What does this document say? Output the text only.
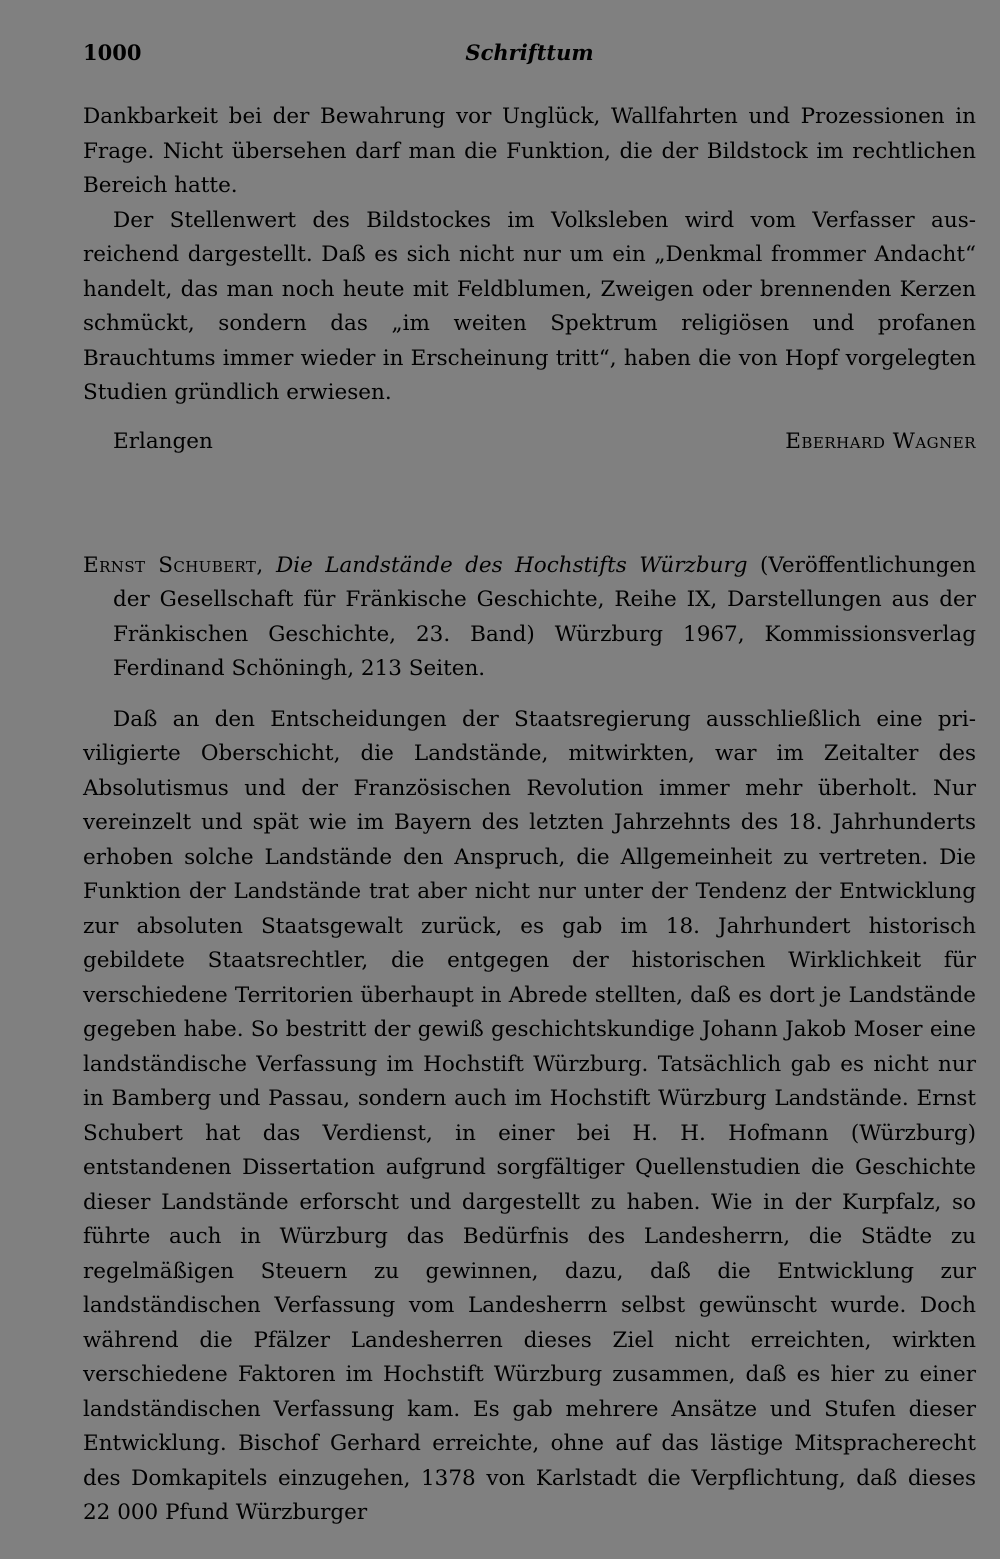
1000	Schrifttum

Dankbarkeit bei der Bewahrung vor Unglück, Wallfahrten und Prozessionen in Frage. Nicht übersehen darf man die Funktion, die der Bildstock im rechtlichen Bereich hatte.

Der Stellenwert des Bildstockes im Volksleben wird vom Verfasser ausreichend dargestellt. Daß es sich nicht nur um ein „Denkmal frommer Andacht“ handelt, das man noch heute mit Feldblumen, Zweigen oder brennenden Kerzen schmückt, sondern das „im weiten Spektrum religiösen und profanen Brauchtums immer wieder in Erscheinung tritt“, haben die von Hopf vorgelegten Studien gründlich erwiesen.

Erlangen	Eberhard Wagner

Ernst Schubert, Die Landstände des Hochstifts Würzburg (Veröffentlichungen der Gesellschaft für Fränkische Geschichte, Reihe IX, Darstellungen aus der Fränkischen Geschichte, 23. Band) Würzburg 1967, Kommissionsverlag Ferdinand Schöningh, 213 Seiten.

Daß an den Entscheidungen der Staatsregierung ausschließlich eine priviligierte Oberschicht, die Landstände, mitwirkten, war im Zeitalter des Absolutismus und der Französischen Revolution immer mehr überholt. Nur vereinzelt und spät wie im Bayern des letzten Jahrzehnts des 18. Jahrhunderts erhoben solche Landstände den Anspruch, die Allgemeinheit zu vertreten. Die Funktion der Landstände trat aber nicht nur unter der Tendenz der Entwicklung zur absoluten Staatsgewalt zurück, es gab im 18. Jahrhundert historisch gebildete Staatsrechtler, die entgegen der historischen Wirklichkeit für verschiedene Territorien überhaupt in Abrede stellten, daß es dort je Landstände gegeben habe. So bestritt der gewiß geschichtskundige Johann Jakob Moser eine landständische Verfassung im Hochstift Würzburg. Tatsächlich gab es nicht nur in Bamberg und Passau, sondern auch im Hochstift Würzburg Landstände. Ernst Schubert hat das Verdienst, in einer bei H. H. Hofmann (Würzburg) entstandenen Dissertation aufgrund sorgfältiger Quellenstudien die Geschichte dieser Landstände erforscht und dargestellt zu haben. Wie in der Kurpfalz, so führte auch in Würzburg das Bedürfnis des Landesherrn, die Städte zu regelmäßigen Steuern zu gewinnen, dazu, daß die Entwicklung zur landständischen Verfassung vom Landesherrn selbst gewünscht wurde. Doch während die Pfälzer Landesherren dieses Ziel nicht erreichten, wirkten verschiedene Faktoren im Hochstift Würzburg zusammen, daß es hier zu einer landständischen Verfassung kam. Es gab mehrere Ansätze und Stufen dieser Entwicklung. Bischof Gerhard erreichte, ohne auf das lästige Mitspracherecht des Domkapitels einzugehen, 1378 von Karlstadt die Verpflichtung, daß dieses 22 000 Pfund Würzburger
